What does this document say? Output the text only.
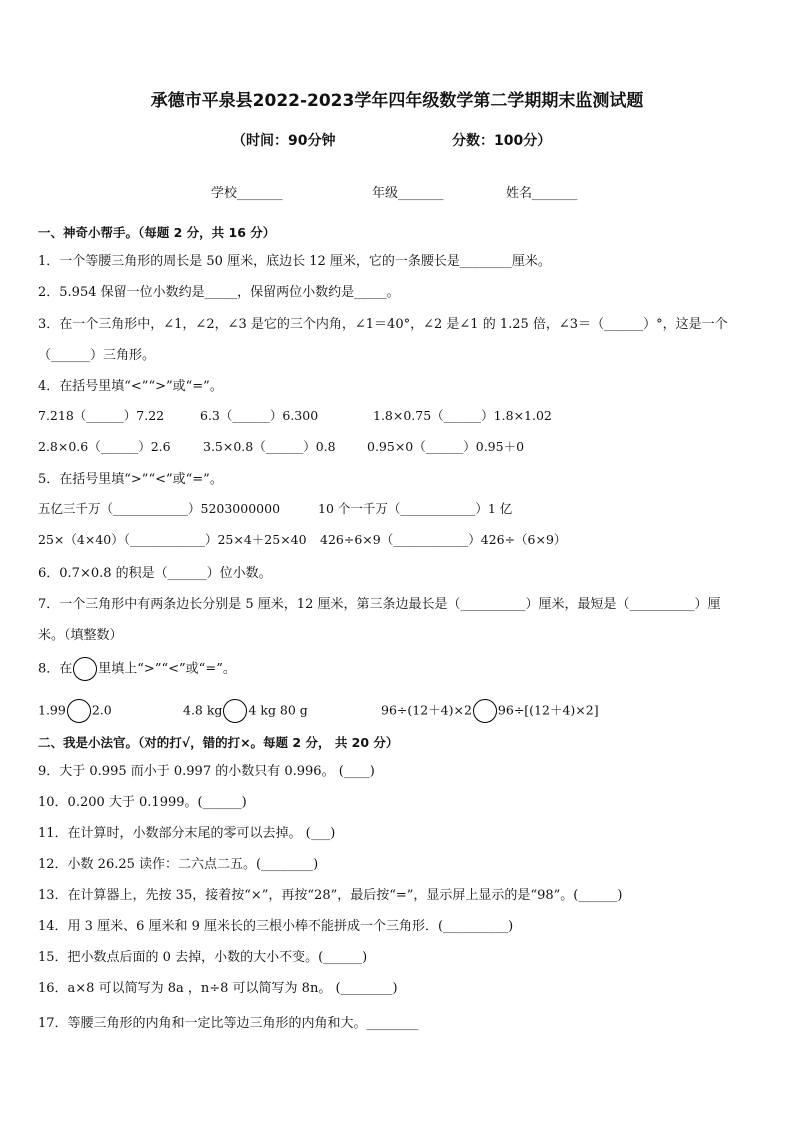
承德市平泉县2022-2023学年四年级数学第二学期期末监测试题
（时间：90分钟	分数：100分）
学校_______	年级_______	姓名_______
一、神奇小帮手。（每题 2 分，共 16 分）
1．一个等腰三角形的周长是 50 厘米，底边长 12 厘米，它的一条腰长是________厘米。
2．5.954 保留一位小数约是_____，保留两位小数约是_____。
3．在一个三角形中，∠1，∠2，∠3 是它的三个内角，∠1＝40°，∠2 是∠1 的 1.25 倍，∠3＝（______）°，这是一个
（______）三角形。
4．在括号里填“<”“>”或“=”。
7.218（______）7.22	6.3（______）6.300	1.8×0.75（______）1.8×1.02
2.8×0.6（______）2.6	3.5×0.8（______）0.8	0.95×0（______）0.95＋0
5．在括号里填“>”“<”或“=”。
五亿三千万（____________）5203000000	10 个一千万（____________）1 亿
25×（4×40）（____________）25×4＋25×40 426÷6×9（____________）426÷（6×9）
6．0.7×0.8 的积是（______）位小数。
7．一个三角形中有两条边长分别是 5 厘米，12 厘米，第三条边最长是（__________）厘米，最短是（__________）厘
米。（填整数）
8．在 里填上“>”“<”或“=”。
1.99 2.0	4.8 kg 4 kg 80 g	96÷(12＋4)×2 96÷[(12＋4)×2]
二、我是小法官。（对的打√，错的打×。每题 2 分， 共 20 分）
9．大于 0.995 而小于 0.997 的小数只有 0.996。 (____)
10．0.200 大于 0.1999。(______)
11．在计算时，小数部分末尾的零可以去掉。 (___)
12．小数 26.25 读作：二六点二五。(________)
13．在计算器上，先按 35，接着按“×”，再按“28”，最后按“=”，显示屏上显示的是“98”。(______)
14．用 3 厘米、6 厘米和 9 厘米长的三根小棒不能拼成一个三角形．(__________)
15．把小数点后面的 0 去掉，小数的大小不变。(______)
16．a×8 可以简写为 8a ，n÷8 可以简写为 8n。 (________)
17．等腰三角形的内角和一定比等边三角形的内角和大。________
